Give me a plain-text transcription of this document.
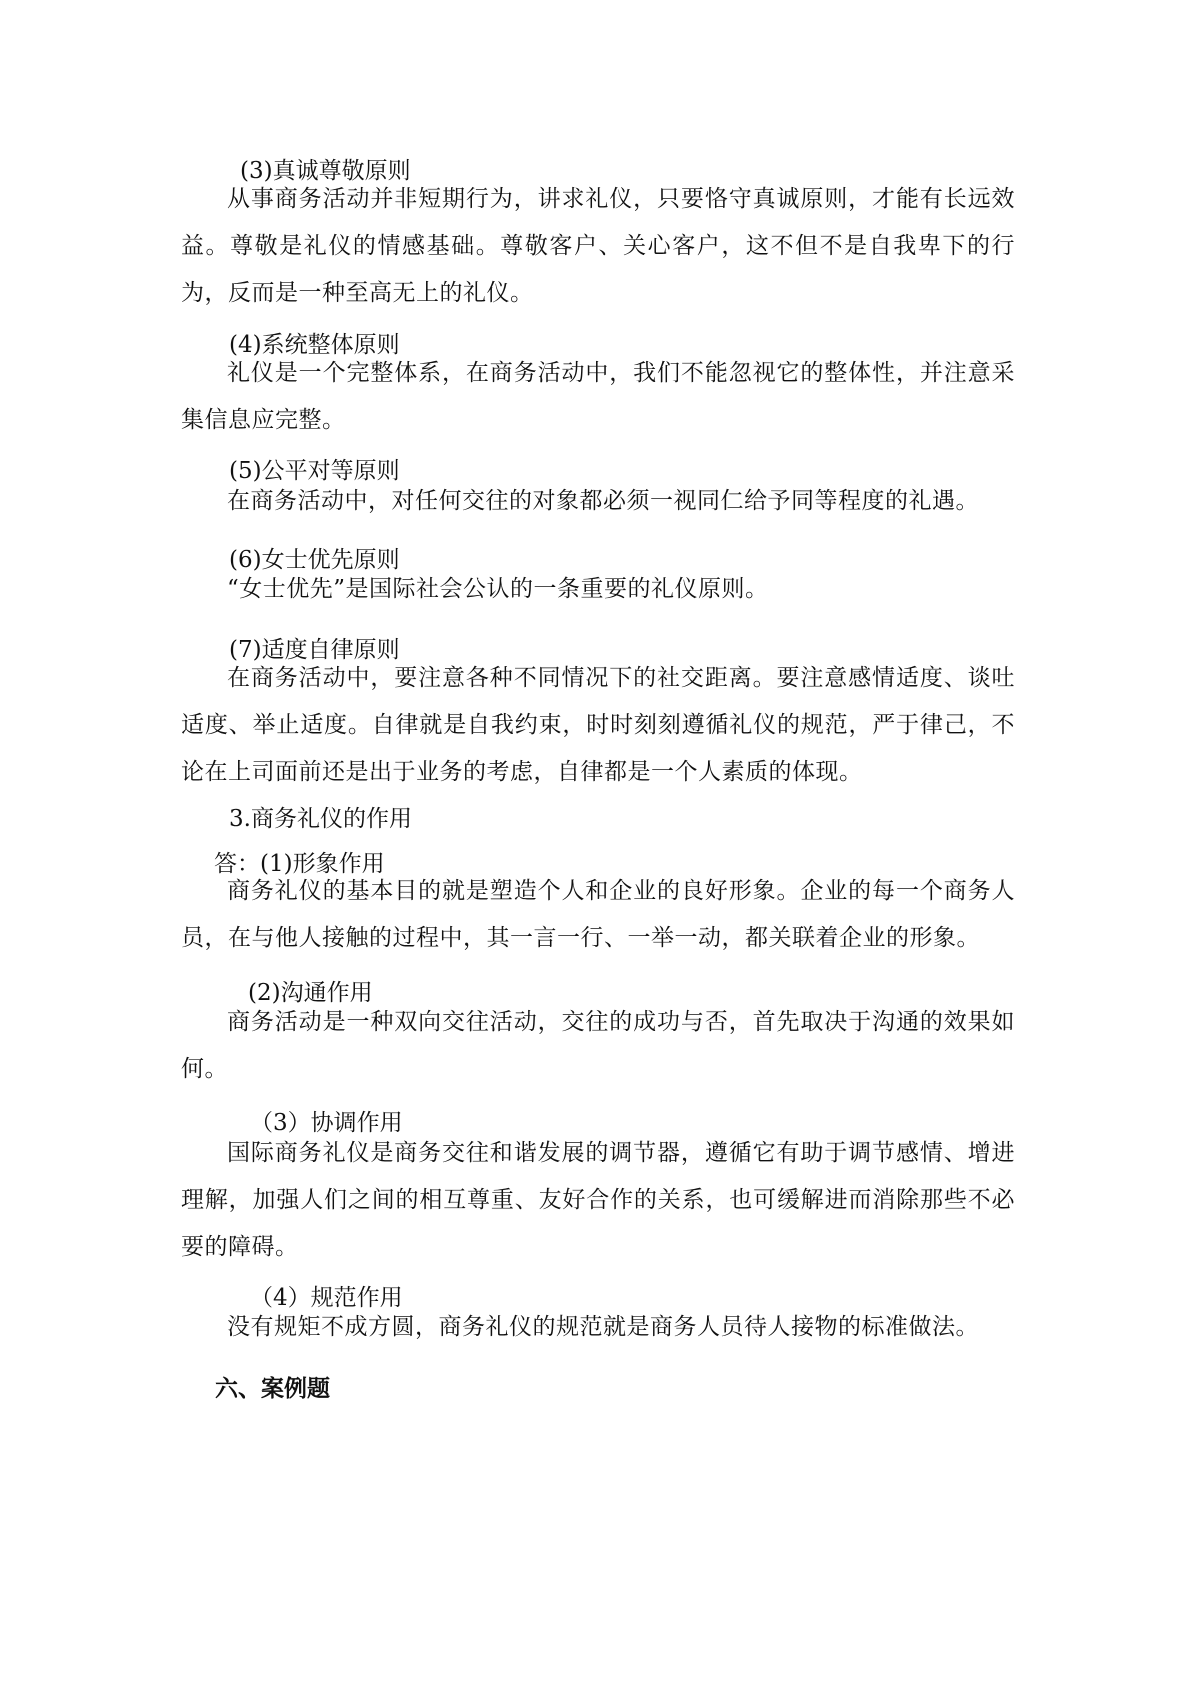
(3)真诚尊敬原则

从事商务活动并非短期行为，讲求礼仪，只要恪守真诚原则，才能有长远效益。尊敬是礼仪的情感基础。尊敬客户、关心客户，这不但不是自我卑下的行为，反而是一种至高无上的礼仪。

(4)系统整体原则

礼仪是一个完整体系，在商务活动中，我们不能忽视它的整体性，并注意采集信息应完整。

(5)公平对等原则

在商务活动中，对任何交往的对象都必须一视同仁给予同等程度的礼遇。

(6)女士优先原则

“女士优先”是国际社会公认的一条重要的礼仪原则。

(7)适度自律原则

在商务活动中，要注意各种不同情况下的社交距离。要注意感情适度、谈吐适度、举止适度。自律就是自我约束，时时刻刻遵循礼仪的规范，严于律己，不论在上司面前还是出于业务的考虑，自律都是一个人素质的体现。

3.商务礼仪的作用

答：(1)形象作用

商务礼仪的基本目的就是塑造个人和企业的良好形象。企业的每一个商务人员，在与他人接触的过程中，其一言一行、一举一动，都关联着企业的形象。

(2)沟通作用

商务活动是一种双向交往活动，交往的成功与否，首先取决于沟通的效果如何。

（3）协调作用

国际商务礼仪是商务交往和谐发展的调节器，遵循它有助于调节感情、增进理解，加强人们之间的相互尊重、友好合作的关系，也可缓解进而消除那些不必要的障碍。

（4）规范作用

没有规矩不成方圆，商务礼仪的规范就是商务人员待人接物的标准做法。

六、案例题
